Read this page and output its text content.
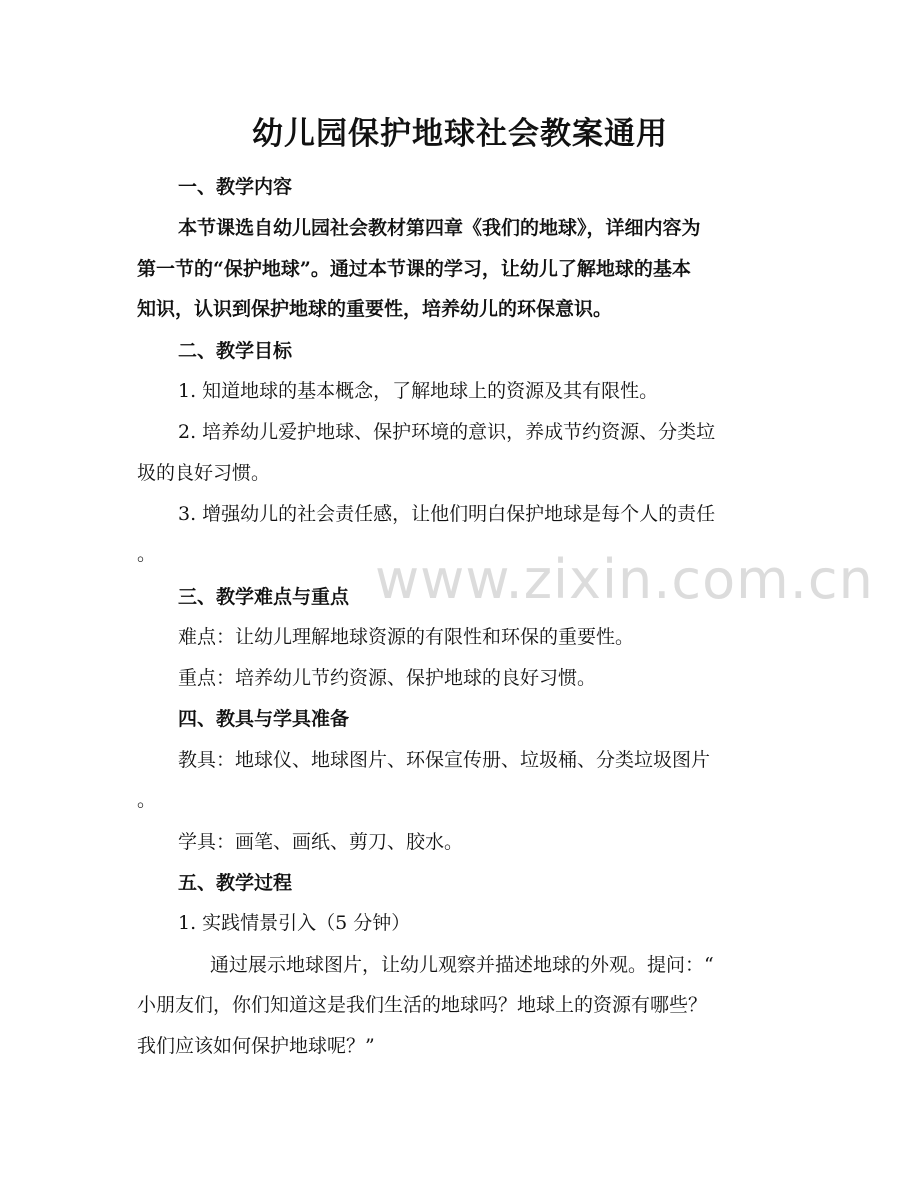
幼儿园保护地球社会教案通用
一、教学内容
本节课选自幼儿园社会教材第四章《我们的地球》，详细内容为
第一节的“保护地球”。通过本节课的学习，让幼儿了解地球的基本
知识，认识到保护地球的重要性，培养幼儿的环保意识。
二、教学目标
1. 知道地球的基本概念，了解地球上的资源及其有限性。
2. 培养幼儿爱护地球、保护环境的意识，养成节约资源、分类垃
圾的良好习惯。
3. 增强幼儿的社会责任感，让他们明白保护地球是每个人的责任
。
三、教学难点与重点
难点：让幼儿理解地球资源的有限性和环保的重要性。
重点：培养幼儿节约资源、保护地球的良好习惯。
四、教具与学具准备
教具：地球仪、地球图片、环保宣传册、垃圾桶、分类垃圾图片
。
学具：画笔、画纸、剪刀、胶水。
五、教学过程
1. 实践情景引入（5 分钟）
通过展示地球图片，让幼儿观察并描述地球的外观。提问：“
小朋友们，你们知道这是我们生活的地球吗？地球上的资源有哪些？
我们应该如何保护地球呢？”
www.zixin.com.cn
